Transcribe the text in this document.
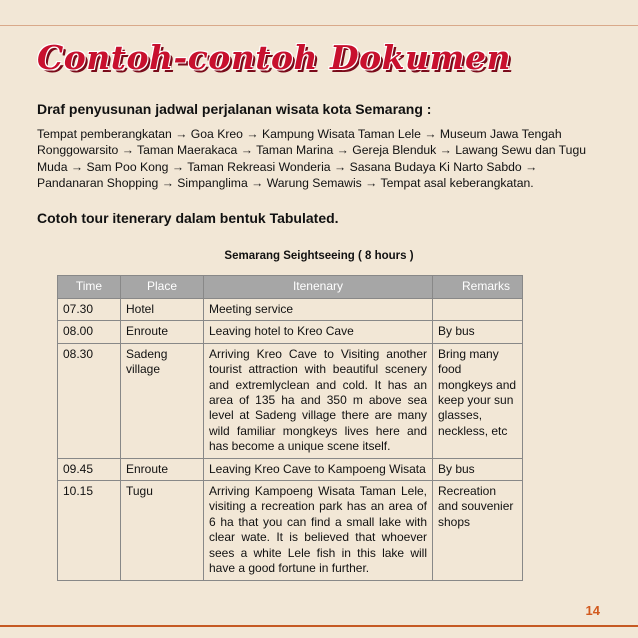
Contoh-contoh Dokumen
Draf penyusunan jadwal perjalanan wisata kota Semarang :
Tempat pemberangkatan → Goa Kreo → Kampung Wisata Taman Lele → Museum Jawa Tengah Ronggowarsito → Taman Maerakaca → Taman Marina → Gereja Blenduk → Lawang Sewu dan Tugu Muda → Sam Poo Kong → Taman Rekreasi Wonderia → Sasana Budaya Ki Narto Sabdo → Pandanaran Shopping → Simpanglima → Warung Semawis → Tempat asal keberangkatan.
Cotoh tour itenerary dalam bentuk Tabulated.
Semarang Seightseeing ( 8 hours )
Time	Place	Itenenary	Remarks
07.30	Hotel	Meeting service	
08.00	Enroute	Leaving hotel to Kreo Cave	By bus
08.30	Sadeng village	Arriving Kreo Cave to Visiting another tourist attraction with beautiful scenery and extremlyclean and cold. It has an area of 135 ha and 350 m above sea level at Sadeng village there are many wild familiar mongkeys lives here and has become a unique scene itself.	Bring many food mongkeys and keep your sun glasses, neckless, etc
09.45	Enroute	Leaving Kreo Cave to Kampoeng Wisata	By bus
10.15	Tugu	Arriving Kampoeng Wisata Taman Lele, visiting a recreation park has an area of 6 ha that you can find a small lake with clear wate. It is believed that whoever sees a white Lele fish in this lake will have a good fortune in further.	Recreation and souvenier shops
14
